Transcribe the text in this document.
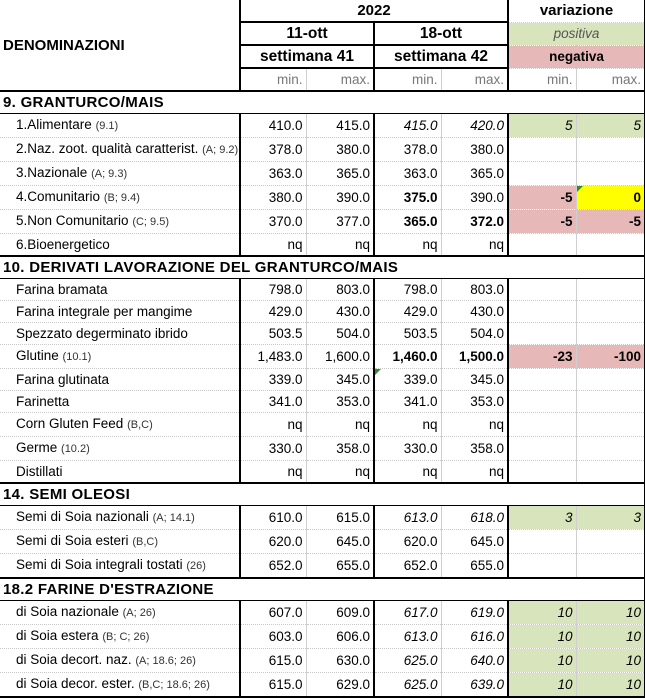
DENOMINAZIONI	2022				variazione	
	11-ott		18-ott		positiva	
	settimana 41		settimana 42		negativa	
	min.	max.	min.	max.	min.	max.
9. GRANTURCO/MAIS						
1.Alimentare (9.1)	410.0	415.0	415.0	420.0	5	5
2.Naz. zoot. qualità caratterist. (A; 9.2)	378.0	380.0	378.0	380.0		
3.Nazionale (A; 9.3)	363.0	365.0	363.0	365.0		
4.Comunitario (B; 9.4)	380.0	390.0	375.0	390.0	-5	0
5.Non Comunitario (C; 9.5)	370.0	377.0	365.0	372.0	-5	-5
6.Bioenergetico	nq	nq	nq	nq		
10. DERIVATI LAVORAZIONE DEL GRANTURCO/MAIS						
Farina bramata	798.0	803.0	798.0	803.0		
Farina integrale per mangime	429.0	430.0	429.0	430.0		
Spezzato degerminato ibrido	503.5	504.0	503.5	504.0		
Glutine (10.1)	1,483.0	1,600.0	1,460.0	1,500.0	-23	-100
Farina glutinata	339.0	345.0	339.0	345.0		
Farinetta	341.0	353.0	341.0	353.0		
Corn Gluten Feed (B,C)	nq	nq	nq	nq		
Germe (10.2)	330.0	358.0	330.0	358.0		
Distillati	nq	nq	nq	nq		
14. SEMI OLEOSI						
Semi di Soia nazionali (A; 14.1)	610.0	615.0	613.0	618.0	3	3
Semi di Soia esteri (B,C)	620.0	645.0	620.0	645.0		
Semi di Soia integrali tostati (26)	652.0	655.0	652.0	655.0		
18.2 FARINE D'ESTRAZIONE						
di Soia nazionale (A; 26)	607.0	609.0	617.0	619.0	10	10
di Soia estera (B; C; 26)	603.0	606.0	613.0	616.0	10	10
di Soia decort. naz. (A; 18.6; 26)	615.0	630.0	625.0	640.0	10	10
di Soia decor. ester. (B,C; 18.6; 26)	615.0	629.0	625.0	639.0	10	10
